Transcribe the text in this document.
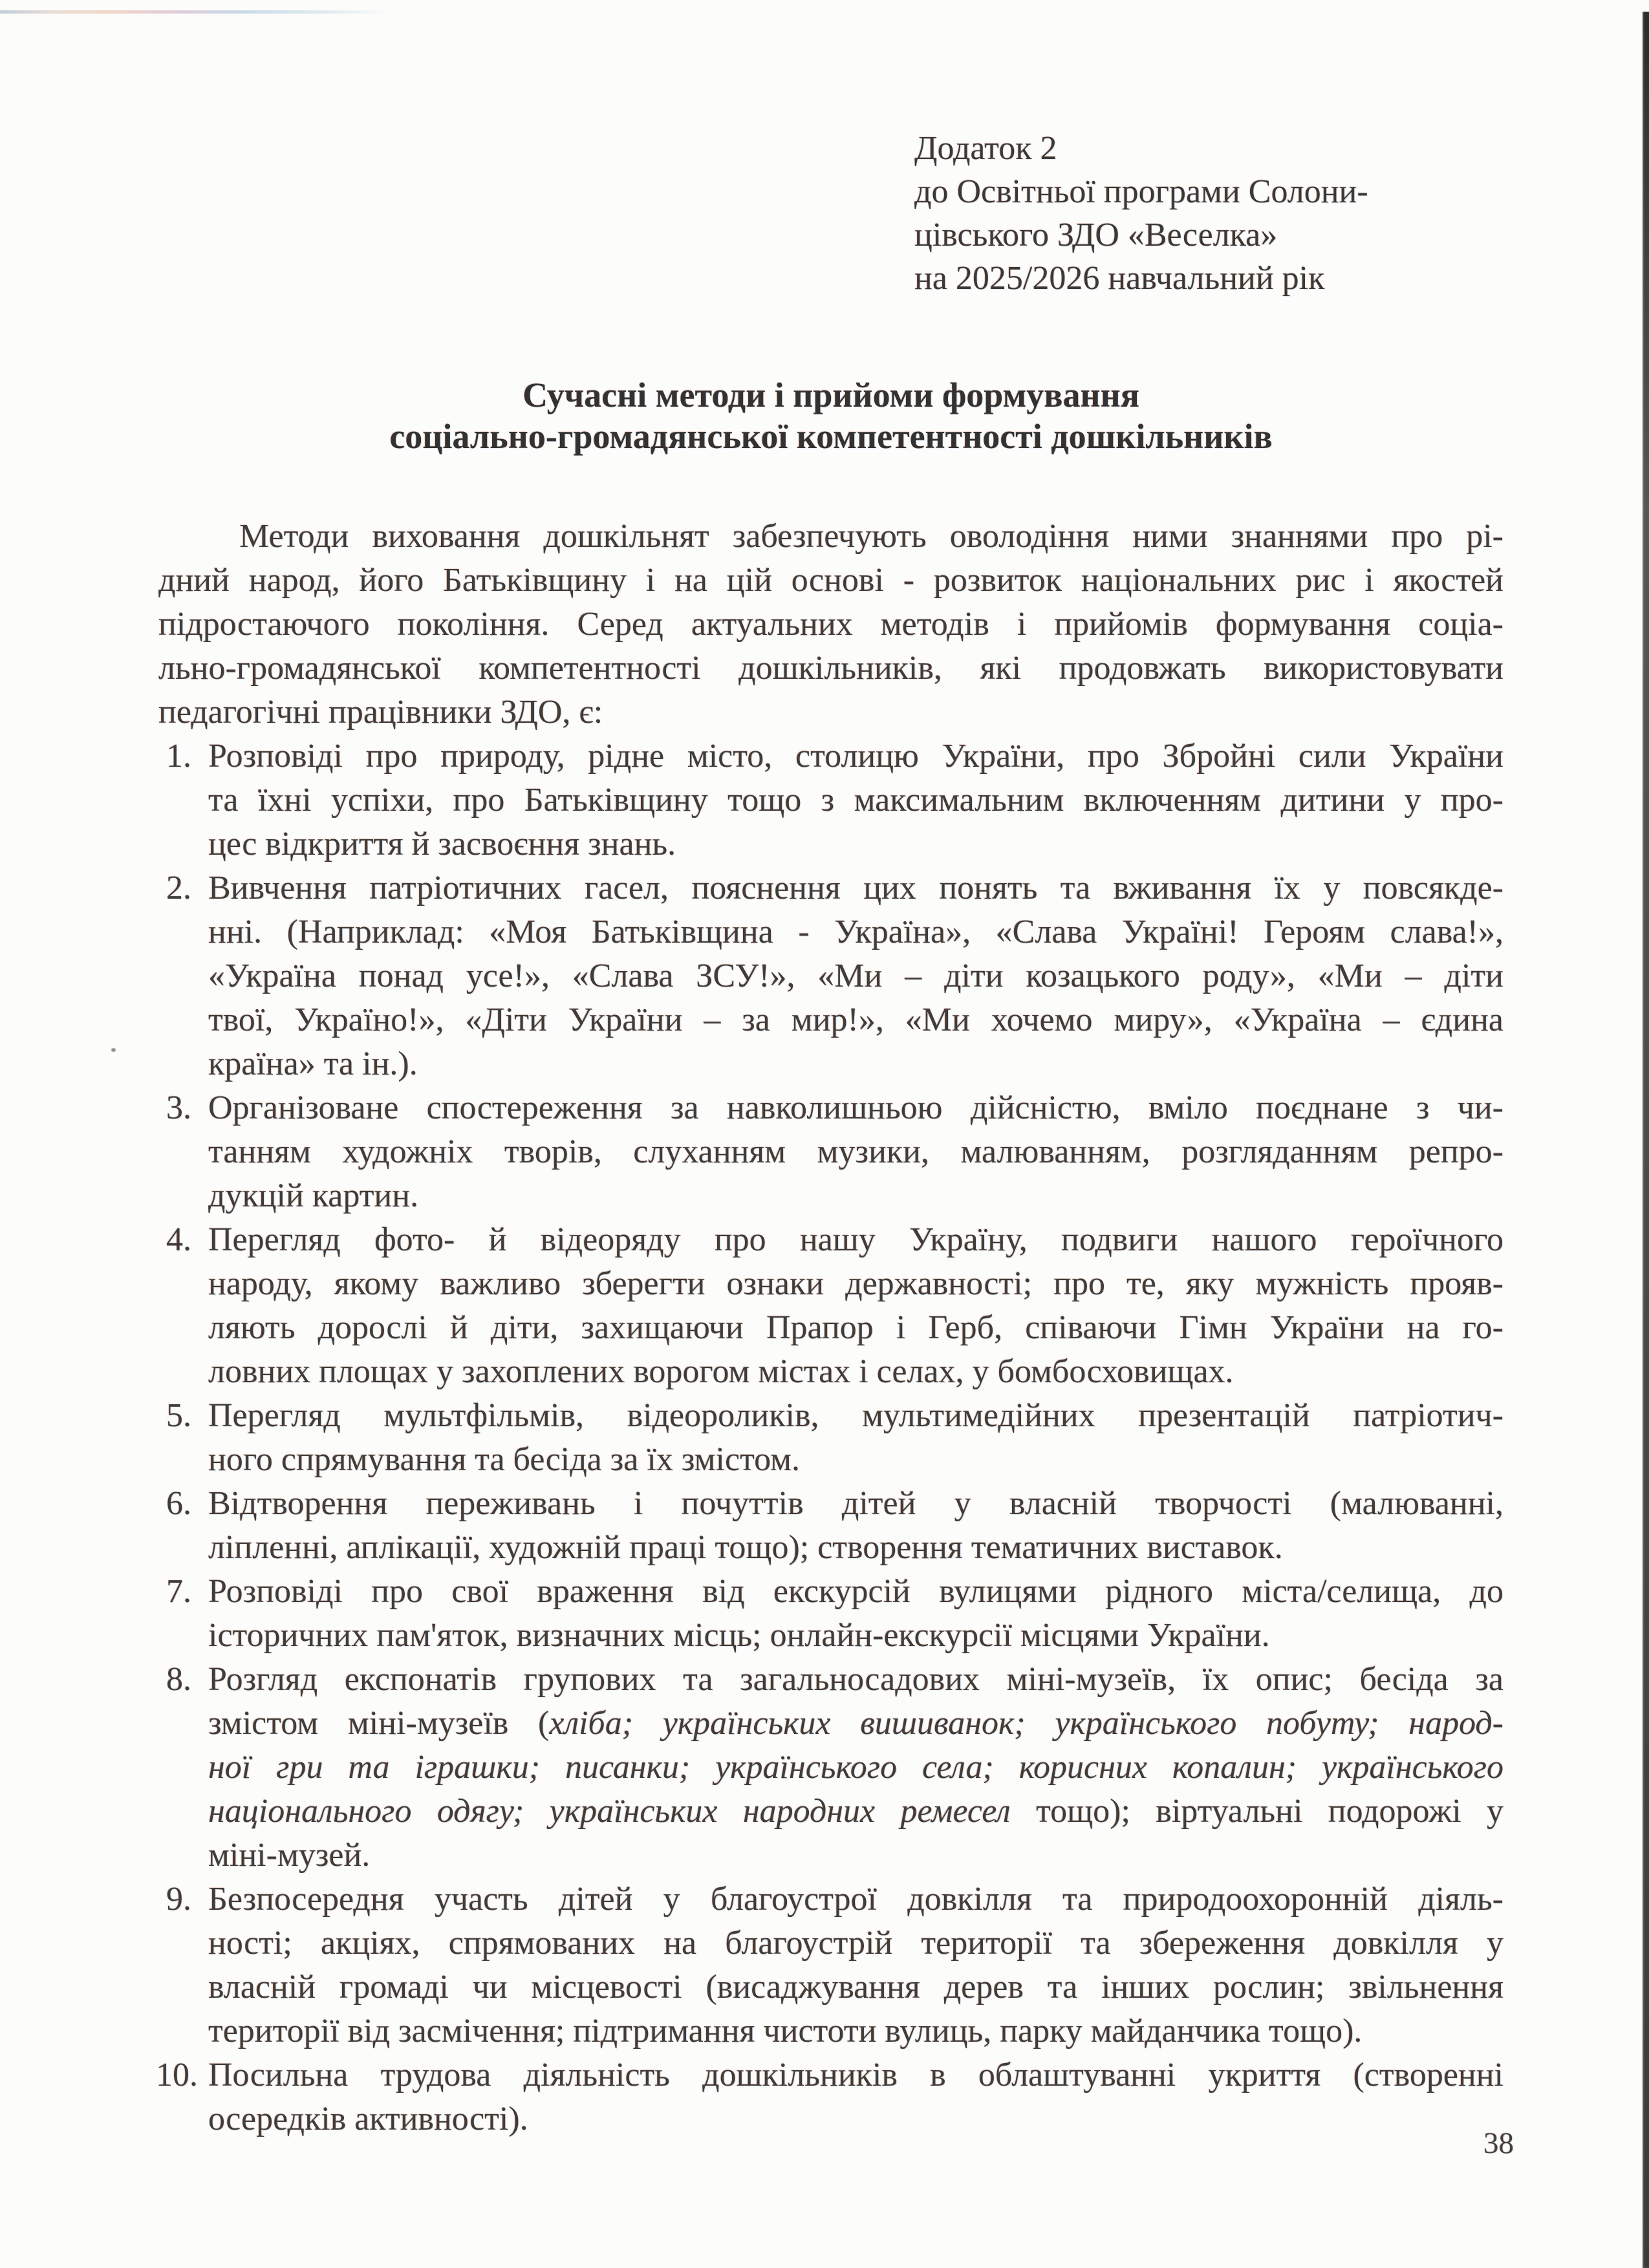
Додаток 2
до Освітньої програми Солони-
цівського ЗДО «Веселка»
на 2025/2026 навчальний рік
Сучасні методи і прийоми формування
соціально-громадянської компетентності дошкільників
Методи виховання дошкільнят забезпечують оволодіння ними знаннями про рі-
дний народ, його Батьківщину і на цій основі - розвиток національних рис і якостей
підростаючого покоління. Серед актуальних методів і прийомів формування соціа-
льно-громадянської компетентності дошкільників, які продовжать використовувати
педагогічні працівники ЗДО, є:
1. Розповіді про природу, рідне місто, столицю України, про Збройні сили України
та їхні успіхи, про Батьківщину тощо з максимальним включенням дитини у про-
цес відкриття й засвоєння знань.
2. Вивчення патріотичних гасел, пояснення цих понять та вживання їх у повсякде-
нні. (Наприклад: «Моя Батьківщина - Україна», «Слава Україні! Героям слава!»,
«Україна понад усе!», «Слава ЗСУ!», «Ми – діти козацького роду», «Ми – діти
твої, Україно!», «Діти України – за мир!», «Ми хочемо миру», «Україна – єдина
країна» та ін.).
3. Організоване спостереження за навколишньою дійсністю, вміло поєднане з чи-
танням художніх творів, слуханням музики, малюванням, розгляданням репро-
дукцій картин.
4. Перегляд фото- й відеоряду про нашу Україну, подвиги нашого героїчного
народу, якому важливо зберегти ознаки державності; про те, яку мужність прояв-
ляють дорослі й діти, захищаючи Прапор і Герб, співаючи Гімн України на го-
ловних площах у захоплених ворогом містах і селах, у бомбосховищах.
5. Перегляд мультфільмів, відеороликів, мультимедійних презентацій патріотич-
ного спрямування та бесіда за їх змістом.
6. Відтворення переживань і почуттів дітей у власній творчості (малюванні,
ліпленні, аплікації, художній праці тощо); створення тематичних виставок.
7. Розповіді про свої враження від екскурсій вулицями рідного міста/селища, до
історичних пам'яток, визначних місць; онлайн-екскурсії місцями України.
8. Розгляд експонатів групових та загальносадових міні-музеїв, їх опис; бесіда за
змістом міні-музеїв (хліба; українських вишиванок; українського побуту; народ-
ної гри та іграшки; писанки; українського села; корисних копалин; українського
національного одягу; українських народних ремесел тощо); віртуальні подорожі у
міні-музей.
9. Безпосередня участь дітей у благоустрої довкілля та природоохоронній діяль-
ності; акціях, спрямованих на благоустрій території та збереження довкілля у
власній громаді чи місцевості (висаджування дерев та інших рослин; звільнення
території від засмічення; підтримання чистоти вулиць, парку майданчика тощо).
10. Посильна трудова діяльність дошкільників в облаштуванні укриття (створенні
осередків активності).
38
